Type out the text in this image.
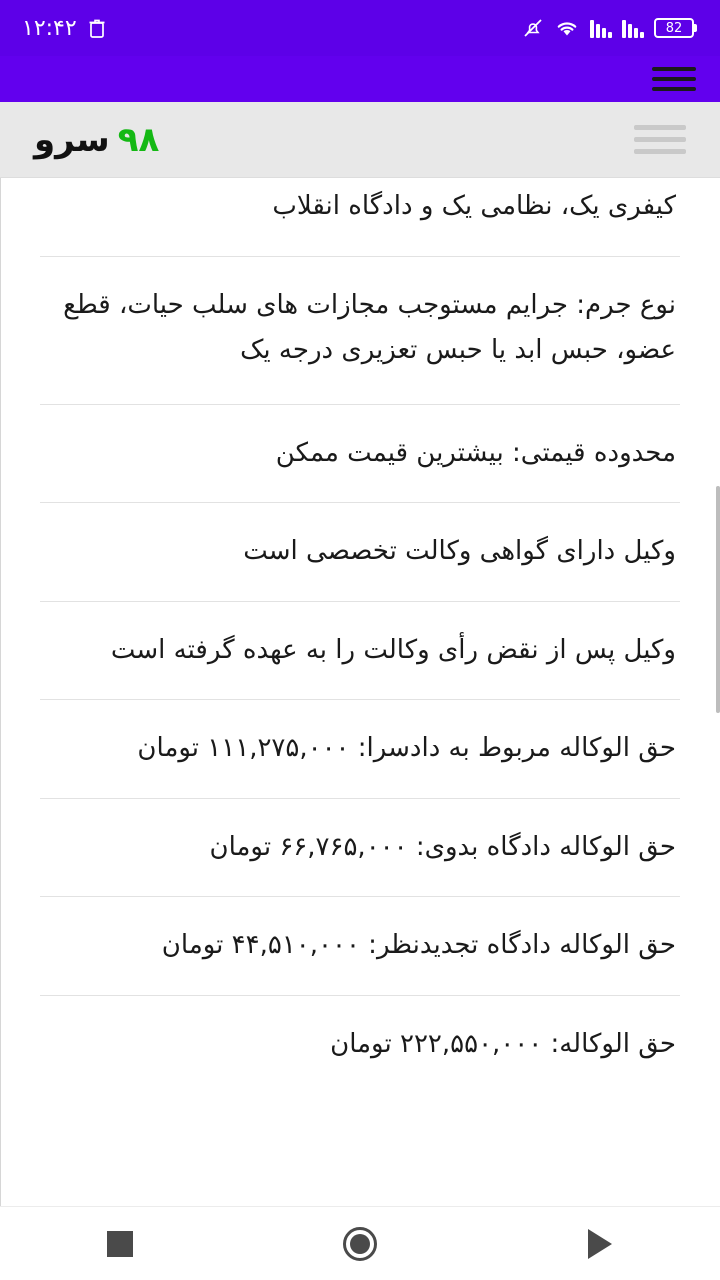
82
۱۲:۴۲
۹۸
سرو
کیفری یک، نظامی یک و دادگاه انقلاب
نوع جرم: جرایم مستوجب مجازات های سلب حیات، قطع عضو، حبس ابد یا حبس تعزیری درجه یک
محدوده قیمتی: بیشترین قیمت ممکن
وکیل دارای گواهی وکالت تخصصی است
وکیل پس از نقض رأی وکالت را به عهده گرفته است
حق الوکاله مربوط به دادسرا: ۱۱۱,۲۷۵,۰۰۰ تومان
حق الوکاله دادگاه بدوی: ۶۶,۷۶۵,۰۰۰ تومان
حق الوکاله دادگاه تجدیدنظر: ۴۴,۵۱۰,۰۰۰ تومان
حق الوکاله: ۲۲۲,۵۵۰,۰۰۰ تومان
